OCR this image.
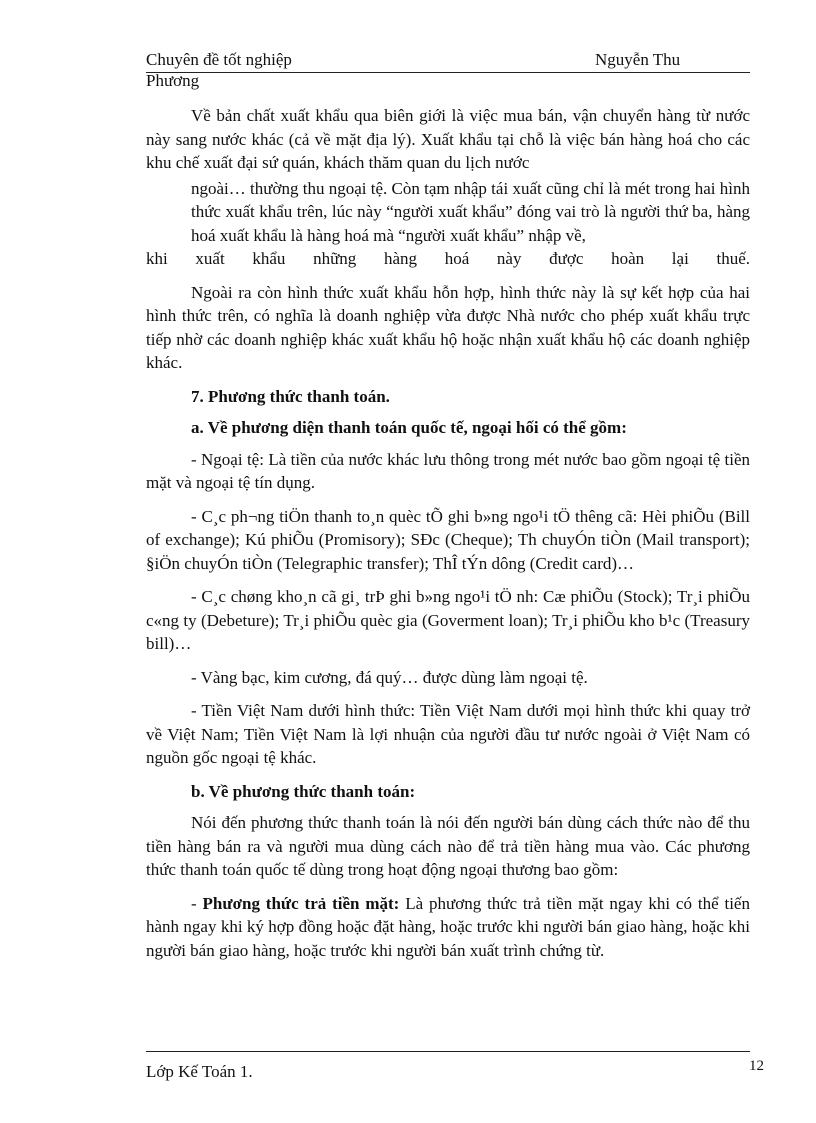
Chuyên đề tốt nghiệp	Nguyễn Thu
Phương

Về bản chất xuất khẩu qua biên giới là việc mua bán, vận chuyển hàng từ nước này sang nước khác (cả về mặt địa lý). Xuất khẩu tại chỗ là việc bán hàng hoá cho các khu chế xuất đại sứ quán, khách thăm quan du lịch nước

ngoài… thường thu ngoại tệ. Còn tạm nhập tái xuất cũng chỉ là mét trong hai hình thức xuất khẩu trên, lúc này “người xuất khẩu” đóng vai trò là người thứ ba, hàng hoá xuất khẩu là hàng hoá mà “người xuất khẩu” nhập về,

khi xuất khẩu những hàng hoá này được hoàn lại thuế.

Ngoài ra còn hình thức xuất khẩu hỗn hợp, hình thức này là sự kết hợp của hai hình thức trên, có nghĩa là doanh nghiệp vừa được Nhà nước cho phép xuất khẩu trực tiếp nhờ các doanh nghiệp khác xuất khẩu hộ hoặc nhận xuất khẩu hộ các doanh nghiệp khác.

7. Phương thức thanh toán.

a. Về phương diện thanh toán quốc tế, ngoại hối có thể gồm:

- Ngoại tệ: Là tiền của nước khác lưu thông trong mét nước bao gồm ngoại tệ tiền mặt và ngoại tệ tín dụng.

- C¸c ph¬ng tiÖn thanh to¸n quèc tÕ ghi b»ng ngo¹i tÖ thêng cã: Hèi phiÕu (Bill of exchange); Kú phiÕu (Promisory); SÐc (Cheque); Th chuyÓn tiÒn (Mail transport); §iÖn chuyÓn tiÒn (Telegraphic transfer); ThÎ tÝn dông (Credit card)…

- C¸c chøng kho¸n cã gi¸ trÞ ghi b»ng ngo¹i tÖ nh: Cæ phiÕu (Stock); Tr¸i phiÕu c«ng ty (Debeture); Tr¸i phiÕu quèc gia (Goverment loan); Tr¸i phiÕu kho b¹c (Treasury bill)…

- Vàng bạc, kim cương, đá quý… được dùng làm ngoại tệ.

- Tiền Việt Nam dưới hình thức: Tiền Việt Nam dưới mọi hình thức khi quay trở về Việt Nam; Tiền Việt Nam là lợi nhuận của người đầu tư nước ngoài ở Việt Nam có nguồn gốc ngoại tệ khác.

b. Về phương thức thanh toán:

Nói đến phương thức thanh toán là nói đến người bán dùng cách thức nào để thu tiền hàng bán ra và người mua dùng cách nào để trả tiền hàng mua vào. Các phương thức thanh toán quốc tế dùng trong hoạt động ngoại thương bao gồm:

- Phương thức trả tiền mặt: Là phương thức trả tiền mặt ngay khi có thể tiến hành ngay khi ký hợp đồng hoặc đặt hàng, hoặc trước khi người bán giao hàng, hoặc khi người bán giao hàng, hoặc trước khi người bán xuất trình chứng từ.

Lớp Kế Toán 1.	12
